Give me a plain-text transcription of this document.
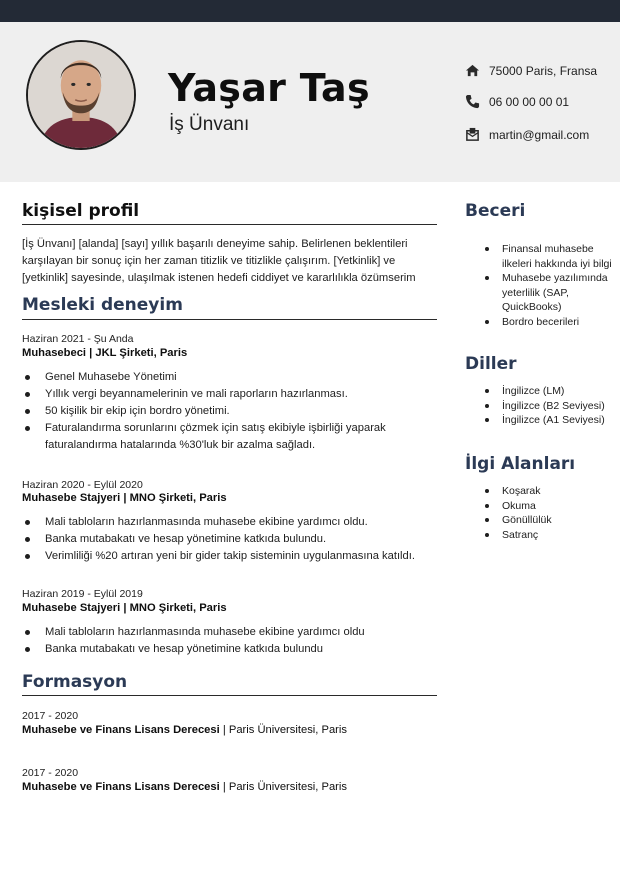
Yaşar Taş
İş Ünvanı
75000 Paris, Fransa
06 00 00 00 01
martin@gmail.com
kişisel profil
[İş Ünvanı] [alanda] [sayı] yıllık başarılı deneyime sahip. Belirlenen beklentileri karşılayan bir sonuç için her zaman titizlik ve titizlikle çalışırım. [Yetkinlik] ve [yetkinlik] sayesinde, ulaşılmak istenen hedefi ciddiyet ve kararlılıkla özümserim
Mesleki deneyim
Haziran 2021 - Şu Anda
Muhasebeci | JKL Şirketi, Paris
Genel Muhasebe Yönetimi
Yıllık vergi beyannamelerinin ve mali raporların hazırlanması.
50 kişilik bir ekip için bordro yönetimi.
Faturalandırma sorunlarını çözmek için satış ekibiyle işbirliği yaparak faturalandırma hatalarında %30'luk bir azalma sağladı.
Haziran 2020 - Eylül 2020
Muhasebe Stajyeri | MNO Şirketi, Paris
Mali tabloların hazırlanmasında muhasebe ekibine yardımcı oldu.
Banka mutabakatı ve hesap yönetimine katkıda bulundu.
Verimliliği %20 artıran yeni bir gider takip sisteminin uygulanmasına katıldı.
Haziran 2019 - Eylül 2019
Muhasebe Stajyeri | MNO Şirketi, Paris
Mali tabloların hazırlanmasında muhasebe ekibine yardımcı oldu
Banka mutabakatı ve hesap yönetimine katkıda bulundu
Formasyon
2017 - 2020
Muhasebe ve Finans Lisans Derecesi | Paris Üniversitesi, Paris
2017 - 2020
Muhasebe ve Finans Lisans Derecesi | Paris Üniversitesi, Paris
Beceri
Finansal muhasebe ilkeleri hakkında iyi bilgi
Muhasebe yazılımında yeterlilik (SAP, QuickBooks)
Bordro becerileri
Diller
İngilizce (LM)
İngilizce (B2 Seviyesi)
İngilizce (A1 Seviyesi)
İlgi Alanları
Koşarak
Okuma
Gönüllülük
Satranç
